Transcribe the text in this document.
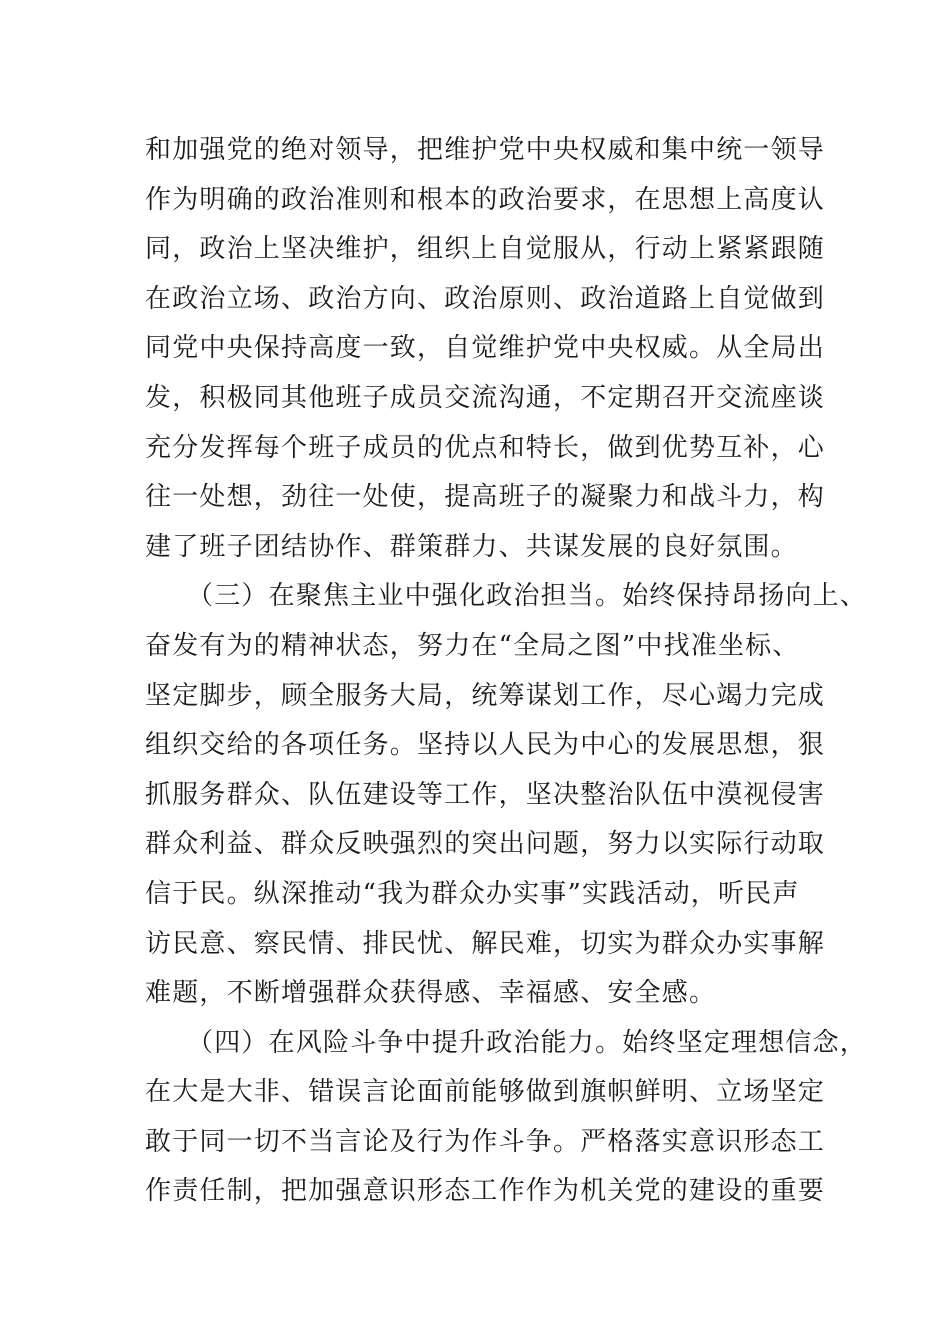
和加强党的绝对领导，把维护党中央权威和集中统一领导
作为明确的政治准则和根本的政治要求，在思想上高度认
同，政治上坚决维护，组织上自觉服从，行动上紧紧跟随
在政治立场、政治方向、政治原则、政治道路上自觉做到
同党中央保持高度一致，自觉维护党中央权威。从全局出
发，积极同其他班子成员交流沟通，不定期召开交流座谈
充分发挥每个班子成员的优点和特长，做到优势互补，心
往一处想，劲往一处使，提高班子的凝聚力和战斗力，构
建了班子团结协作、群策群力、共谋发展的良好氛围。
（三）在聚焦主业中强化政治担当。始终保持昂扬向上、
奋发有为的精神状态，努力在“全局之图”中找准坐标、
坚定脚步，顾全服务大局，统筹谋划工作，尽心竭力完成
组织交给的各项任务。坚持以人民为中心的发展思想，狠
抓服务群众、队伍建设等工作，坚决整治队伍中漠视侵害
群众利益、群众反映强烈的突出问题，努力以实际行动取
信于民。纵深推动“我为群众办实事”实践活动，听民声
访民意、察民情、排民忧、解民难，切实为群众办实事解
难题，不断增强群众获得感、幸福感、安全感。
（四）在风险斗争中提升政治能力。始终坚定理想信念，
在大是大非、错误言论面前能够做到旗帜鲜明、立场坚定
敢于同一切不当言论及行为作斗争。严格落实意识形态工
作责任制，把加强意识形态工作作为机关党的建设的重要
